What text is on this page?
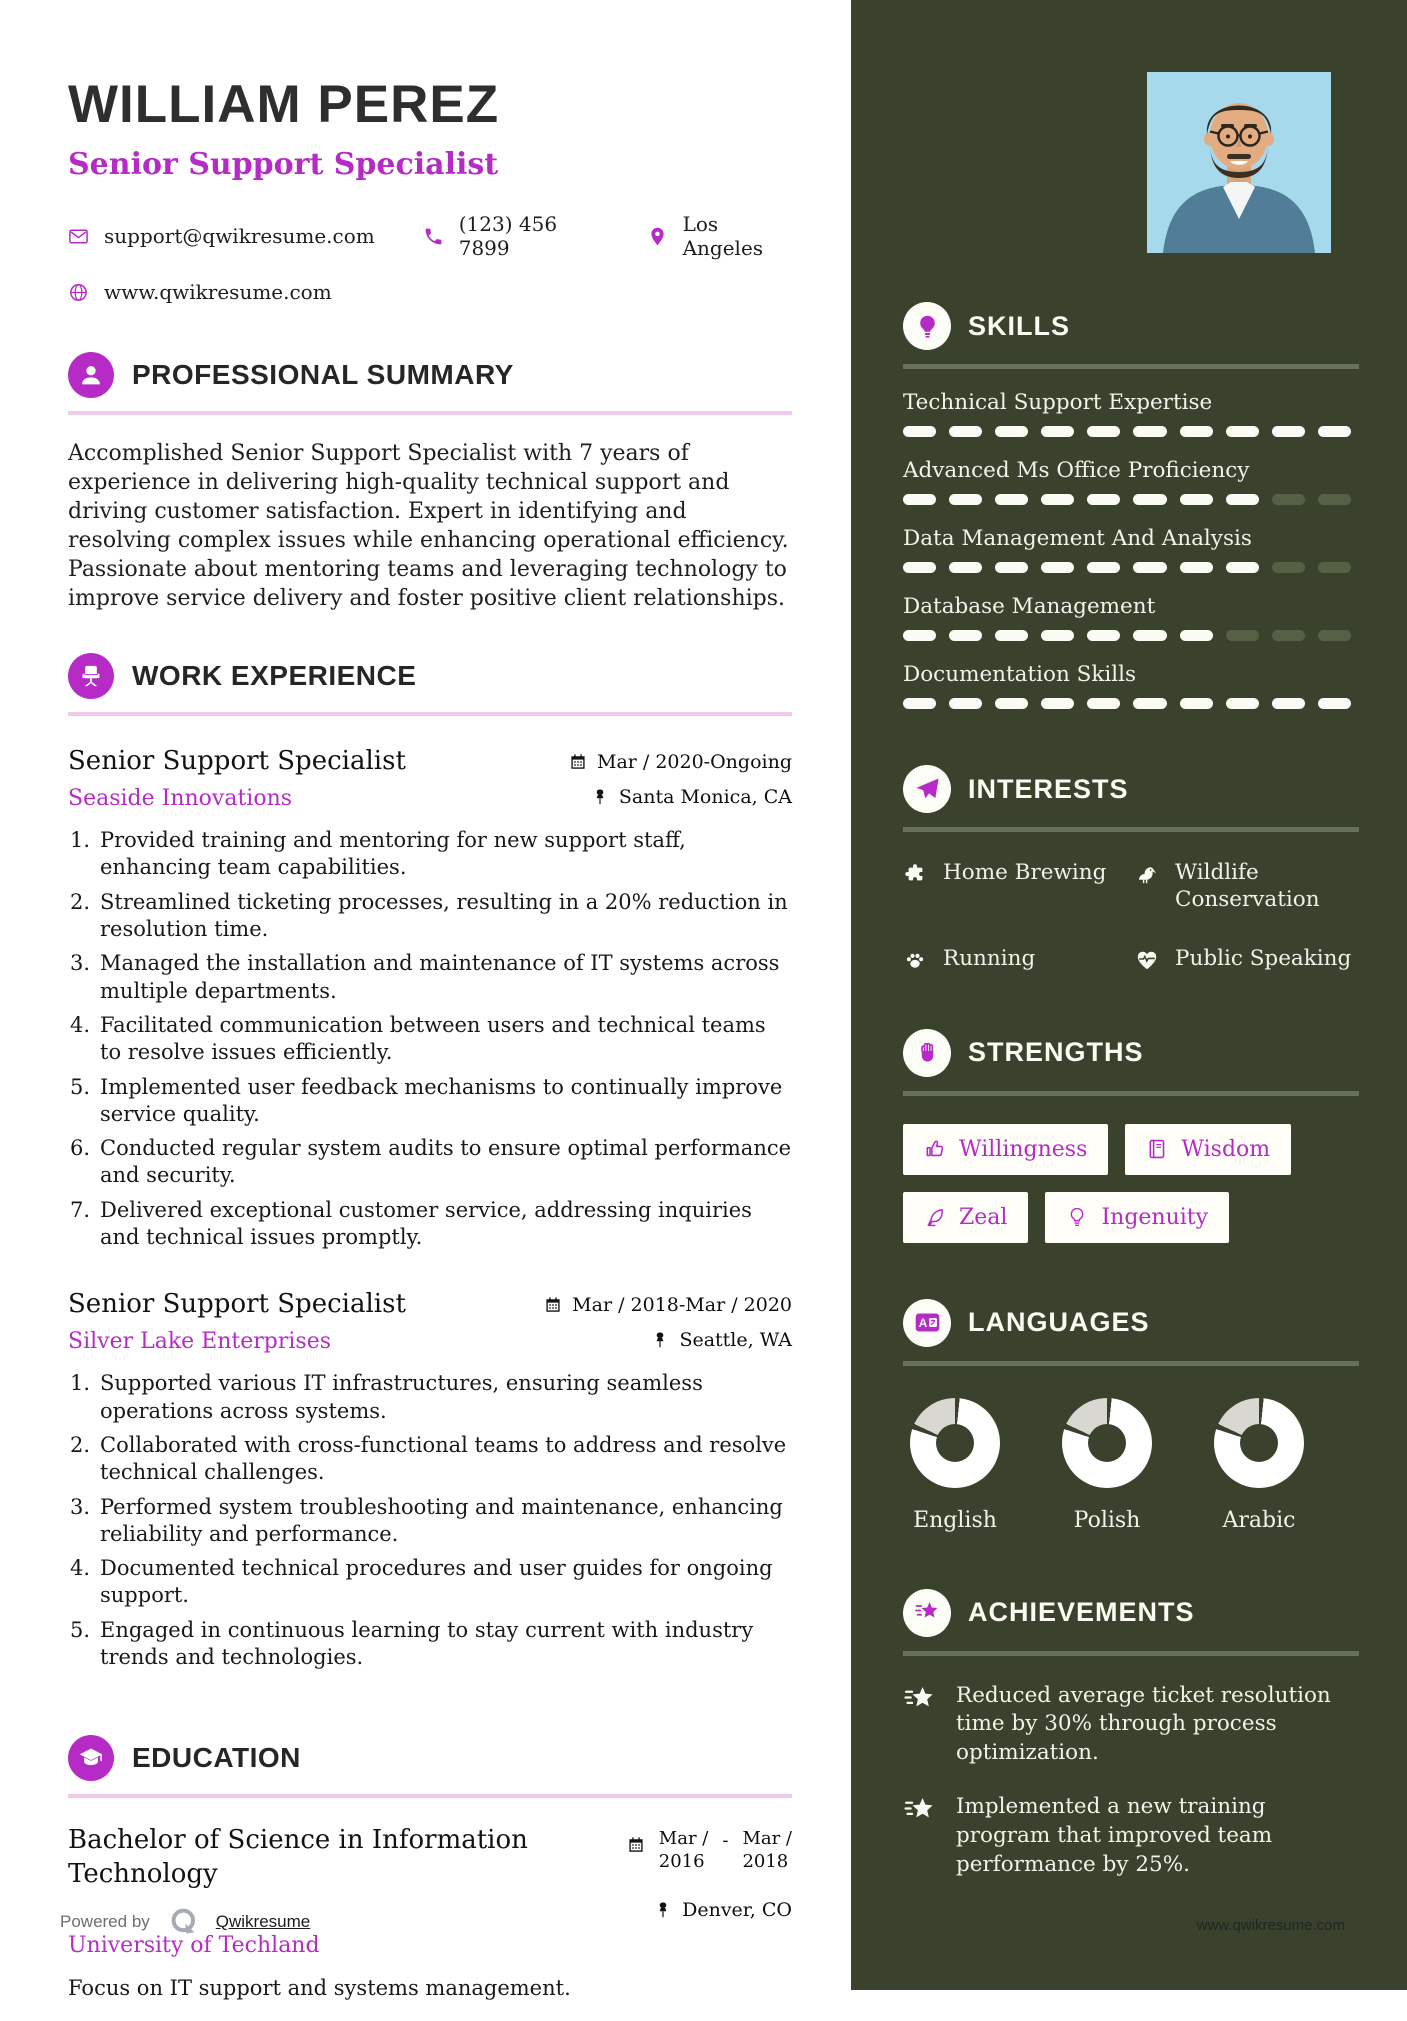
WILLIAM PEREZ
Senior Support Specialist
support@qwikresume.com	(123) 456 7899
Los Angeles
www.qwikresume.com
PROFESSIONAL SUMMARY

Accomplished Senior Support Specialist with 7 years of experience in delivering high-quality technical support and driving customer satisfaction. Expert in identifying and resolving complex issues while enhancing operational efficiency. Passionate about mentoring teams and leveraging technology to improve service delivery and foster positive client relationships.

WORK EXPERIENCE
Senior Support Specialist
Seaside Innovations
Mar / 2020-Ongoing
Santa Monica, CA
Provided training and mentoring for new support staff, enhancing team capabilities.
Streamlined ticketing processes, resulting in a 20% reduction in resolution time.
Managed the installation and maintenance of IT systems across multiple departments.
Facilitated communication between users and technical teams to resolve issues efficiently.
Implemented user feedback mechanisms to continually improve service quality.
Conducted regular system audits to ensure optimal performance and security.
Delivered exceptional customer service, addressing inquiries and technical issues promptly.
Senior Support Specialist
Silver Lake Enterprises
Mar / 2018-Mar / 2020
Seattle, WA
Supported various IT infrastructures, ensuring seamless operations across systems.
Collaborated with cross-functional teams to address and resolve technical challenges.
Performed system troubleshooting and maintenance, enhancing reliability and performance.
Documented technical procedures and user guides for ongoing support.
Engaged in continuous learning to stay current with industry trends and technologies.
EDUCATION
Bachelor of Science in Information Technology
Mar /
2016
- Mar /
2018
Denver, CO
University of Techland

Focus on IT support and systems management.

Powered by	Qwikresume
SKILLS
Technical Support Expertise
Advanced Ms Office Proficiency
Data Management And Analysis
Database Management
Documentation Skills
INTERESTS
Home Brewing	Wildlife Conservation
Running	Public Speaking
STRENGTHS
Willingness	Wisdom
Zeal	Ingenuity
A LANGUAGES
English	Polish	Arabic
ACHIEVEMENTS
Reduced average ticket resolution time by 30% through process optimization.
Implemented a new training program that improved team performance by 25%.
www.qwikresume.com
